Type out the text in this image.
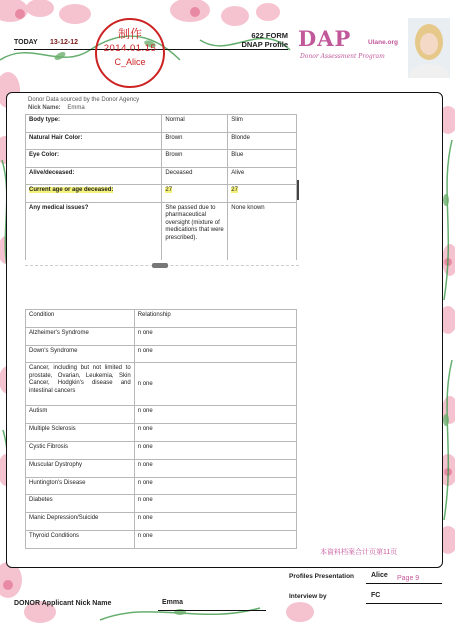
TODAY 13-12-12
622 FORM
DNAP Profile
制作
2014.01.15
C_Alice
DAP	Ulane.org
Donor Assessment Program
Donor Data sourced by the Donor Agency
Nick Name: Emma
Body type:	Normal	Slim
Natural Hair Color:	Brown	Blonde
Eye Color:	Brown	Blue
Alive/deceased:	Deceased	Alive
Current age or age deceased:	27	27
Any medical issues?	She passed due to pharmaceutical oversight (mixture of medications that were prescribed).	None known
Condition	Relationship
Alzheimer's Syndrome	n one
Down's Syndrome	n one
Cancer, including but not limited to prostate, Ovarian, Leukemia, Skin Cancer, Hodgkin's disease and intestinal cancers	n one
Autism	n one
Multiple Sclerosis	n one
Cystic Fibrosis	n one
Muscular Dystrophy	n one
Huntington's Disease	n one
Diabetes	n one
Manic Depression/Suicide	n one
Thyroid Conditions	n one
本資料档案合计页第11页
Profiles Presentation Alice Page 9
Interview by	FC
DONOR Applicant Nick Name	Emma
